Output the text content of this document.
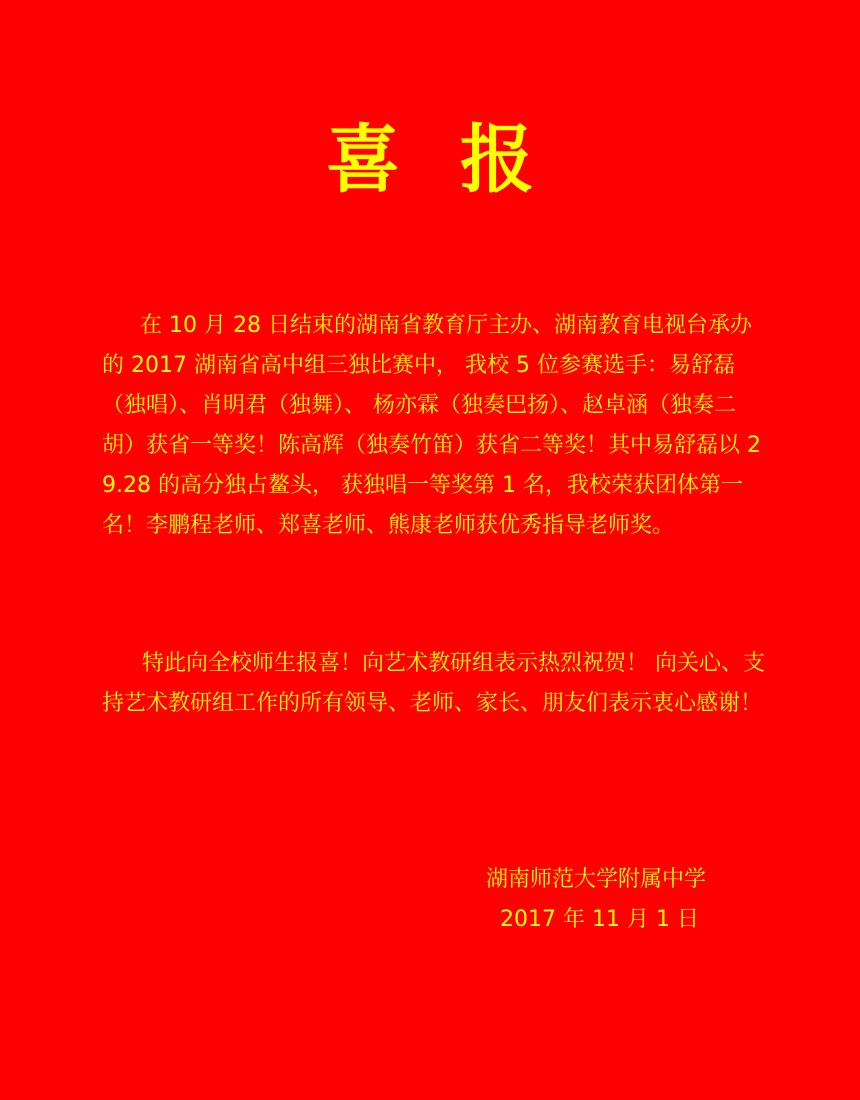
喜报
在 10 月 28 日结束的湖南省教育厅主办、湖南教育电视台承办的 2017 湖南省高中组三独比赛中， 我校 5 位参赛选手：易舒磊（独唱）、肖明君（独舞）、 杨亦霖（独奏巴扬）、赵卓涵（独奏二胡）获省一等奖！陈高辉（独奏竹笛）获省二等奖！其中易舒磊以 29.28 的高分独占鳌头， 获独唱一等奖第 1 名，我校荣获团体第一名！李鹏程老师、郑喜老师、熊康老师获优秀指导老师奖。
特此向全校师生报喜！向艺术教研组表示热烈祝贺！ 向关心、支持艺术教研组工作的所有领导、老师、家长、朋友们表示衷心感谢！
湖南师范大学附属中学
2017 年 11 月 1 日
